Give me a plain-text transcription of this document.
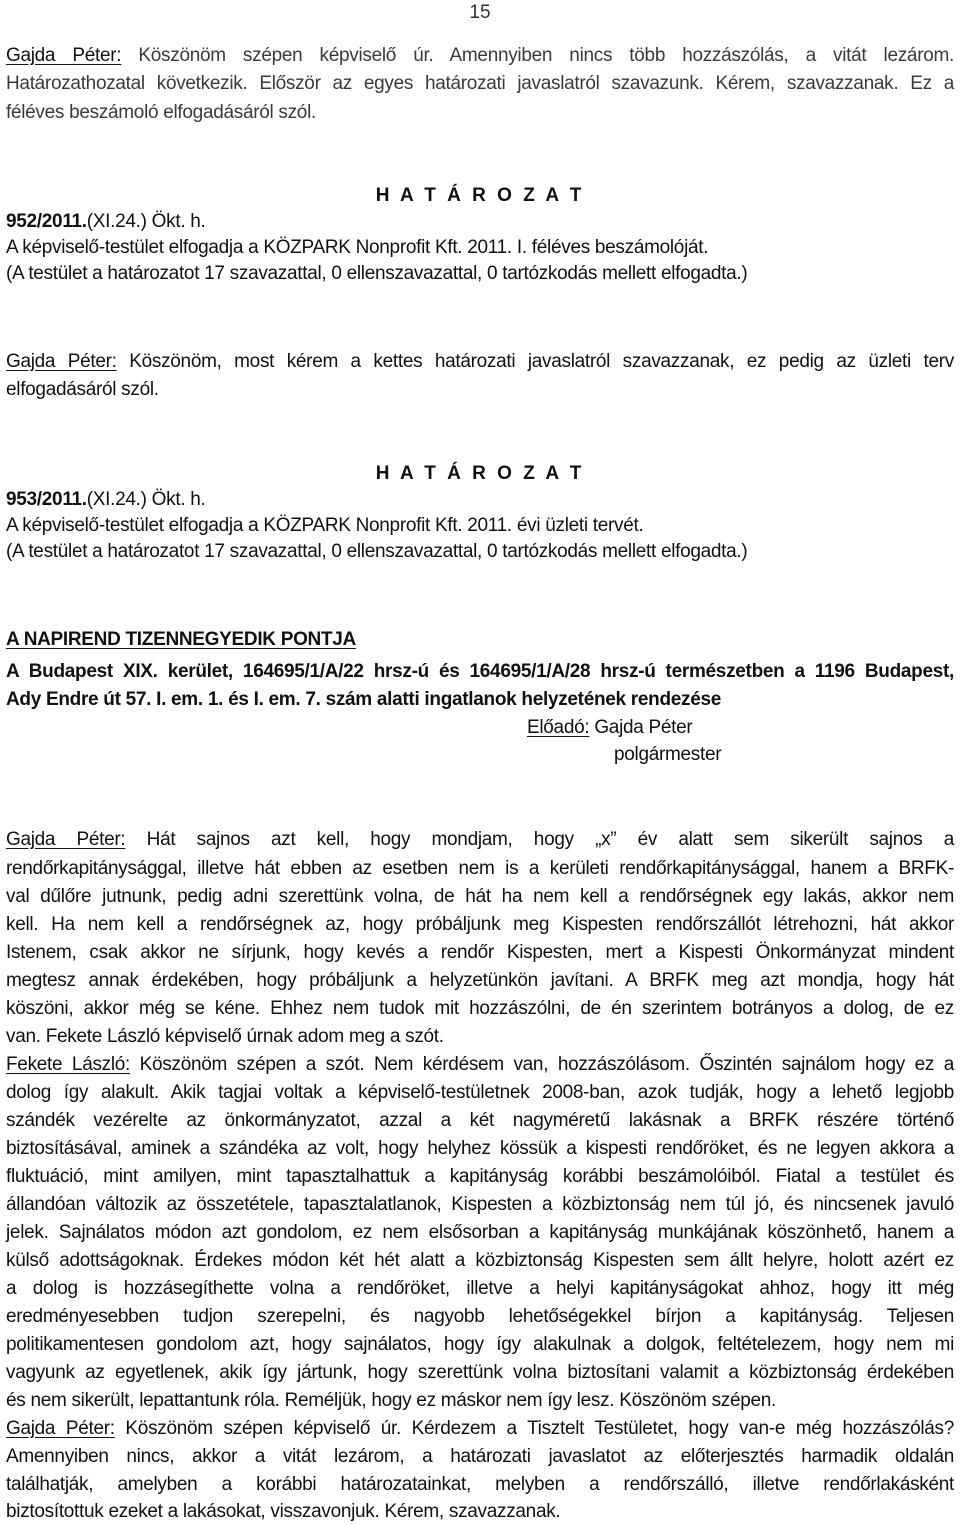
15
Gajda Péter: Köszönöm szépen képviselő úr. Amennyiben nincs több hozzászólás, a vitát lezárom.
Határozathozatal következik. Először az egyes határozati javaslatról szavazunk. Kérem, szavazzanak. Ez a
féléves beszámoló elfogadásáról szól.
H A T Á R O Z A T
952/2011.(XI.24.) Ökt. h.
A képviselő-testület elfogadja a KÖZPARK Nonprofit Kft. 2011. I. féléves beszámolóját.
(A testület a határozatot 17 szavazattal, 0 ellenszavazattal, 0 tartózkodás mellett elfogadta.)
Gajda Péter: Köszönöm, most kérem a kettes határozati javaslatról szavazzanak, ez pedig az üzleti terv
elfogadásáról szól.
H A T Á R O Z A T
953/2011.(XI.24.) Ökt. h.
A képviselő-testület elfogadja a KÖZPARK Nonprofit Kft. 2011. évi üzleti tervét.
(A testület a határozatot 17 szavazattal, 0 ellenszavazattal, 0 tartózkodás mellett elfogadta.)
A NAPIREND TIZENNEGYEDIK PONTJA
A Budapest XIX. kerület, 164695/1/A/22 hrsz-ú és 164695/1/A/28 hrsz-ú természetben a 1196 Budapest,
Ady Endre út 57. I. em. 1. és I. em. 7. szám alatti ingatlanok helyzetének rendezése
Előadó: Gajda Péter
polgármester
Gajda Péter: Hát sajnos azt kell, hogy mondjam, hogy „x” év alatt sem sikerült sajnos a
rendőrkapitánysággal, illetve hát ebben az esetben nem is a kerületi rendőrkapitánysággal, hanem a BRFK-
val dűlőre jutnunk, pedig adni szerettünk volna, de hát ha nem kell a rendőrségnek egy lakás, akkor nem
kell. Ha nem kell a rendőrségnek az, hogy próbáljunk meg Kispesten rendőrszállót létrehozni, hát akkor
Istenem, csak akkor ne sírjunk, hogy kevés a rendőr Kispesten, mert a Kispesti Önkormányzat mindent
megtesz annak érdekében, hogy próbáljunk a helyzetünkön javítani. A BRFK meg azt mondja, hogy hát
köszöni, akkor még se kéne. Ehhez nem tudok mit hozzászólni, de én szerintem botrányos a dolog, de ez
van. Fekete László képviselő úrnak adom meg a szót.
Fekete László: Köszönöm szépen a szót. Nem kérdésem van, hozzászólásom. Őszintén sajnálom hogy ez a
dolog így alakult. Akik tagjai voltak a képviselő-testületnek 2008-ban, azok tudják, hogy a lehető legjobb
szándék vezérelte az önkormányzatot, azzal a két nagyméretű lakásnak a BRFK részére történő
biztosításával, aminek a szándéka az volt, hogy helyhez kössük a kispesti rendőröket, és ne legyen akkora a
fluktuáció, mint amilyen, mint tapasztalhattuk a kapitányság korábbi beszámolóiból. Fiatal a testület és
állandóan változik az összetétele, tapasztalatlanok, Kispesten a közbiztonság nem túl jó, és nincsenek javuló
jelek. Sajnálatos módon azt gondolom, ez nem elsősorban a kapitányság munkájának köszönhető, hanem a
külső adottságoknak. Érdekes módon két hét alatt a közbiztonság Kispesten sem állt helyre, holott azért ez
a dolog is hozzásegíthette volna a rendőröket, illetve a helyi kapitányságokat ahhoz, hogy itt még
eredményesebben tudjon szerepelni, és nagyobb lehetőségekkel bírjon a kapitányság. Teljesen
politikamentesen gondolom azt, hogy sajnálatos, hogy így alakulnak a dolgok, feltételezem, hogy nem mi
vagyunk az egyetlenek, akik így jártunk, hogy szerettünk volna biztosítani valamit a közbiztonság érdekében
és nem sikerült, lepattantunk róla. Reméljük, hogy ez máskor nem így lesz. Köszönöm szépen.
Gajda Péter: Köszönöm szépen képviselő úr. Kérdezem a Tisztelt Testületet, hogy van-e még hozzászólás?
Amennyiben nincs, akkor a vitát lezárom, a határozati javaslatot az előterjesztés harmadik oldalán
találhatják, amelyben a korábbi határozatainkat, melyben a rendőrszálló, illetve rendőrlakásként
biztosítottuk ezeket a lakásokat, visszavonjuk. Kérem, szavazzanak.
